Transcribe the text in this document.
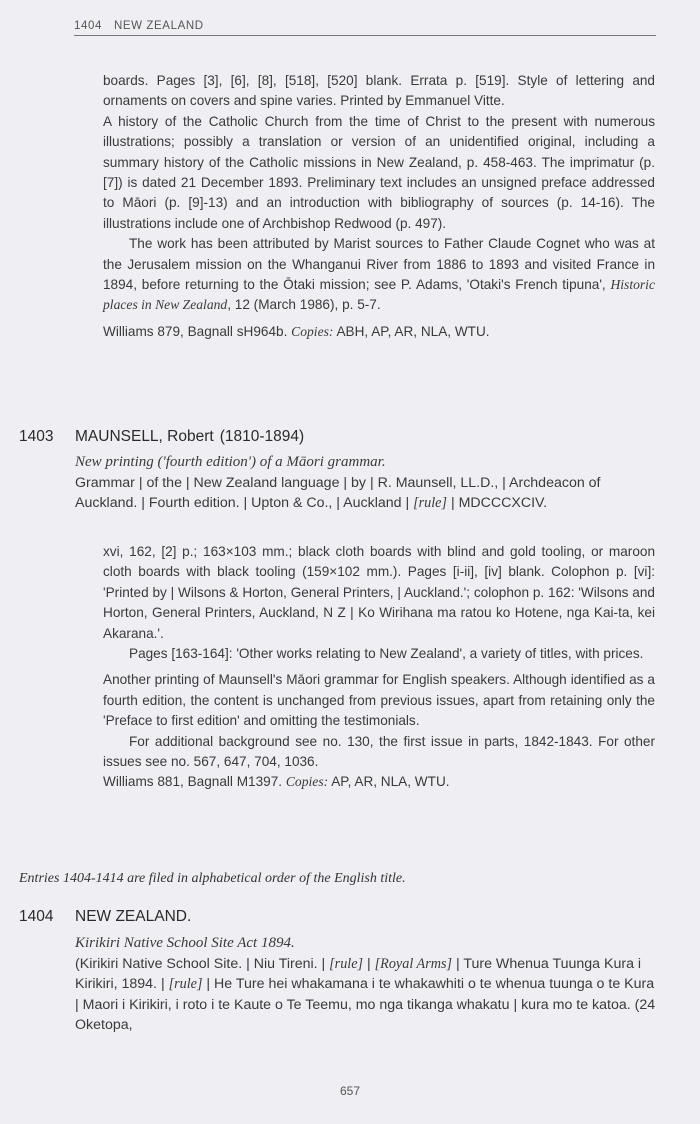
1404 NEW ZEALAND

boards. Pages [3], [6], [8], [518], [520] blank. Errata p. [519]. Style of lettering and ornaments on covers and spine varies. Printed by Emmanuel Vitte.

A history of the Catholic Church from the time of Christ to the present with numerous illustrations; possibly a translation or version of an unidentified original, including a summary history of the Catholic missions in New Zealand, p. 458-463. The imprimatur (p. [7]) is dated 21 December 1893. Preliminary text includes an unsigned preface addressed to Māori (p. [9]-13) and an introduction with bibliography of sources (p. 14-16). The illustrations include one of Archbishop Redwood (p. 497).

The work has been attributed by Marist sources to Father Claude Cognet who was at the Jerusalem mission on the Whanganui River from 1886 to 1893 and visited France in 1894, before returning to the Ōtaki mission; see P. Adams, 'Otaki's French tipuna', Historic places in New Zealand, 12 (March 1986), p. 5-7.

Williams 879, Bagnall sH964b. Copies: ABH, AP, AR, NLA, WTU.

1403 MAUNSELL, Robert (1810-1894)

New printing ('fourth edition') of a Māori grammar.

Grammar | of the | New Zealand language | by | R. Maunsell, LL.D., | Archdeacon of Auckland. | Fourth edition. | Upton & Co., | Auckland | [rule] | MDCCCXCIV.

xvi, 162, [2] p.; 163×103 mm.; black cloth boards with blind and gold tooling, or maroon cloth boards with black tooling (159×102 mm.). Pages [i-ii], [iv] blank. Colophon p. [vi]: 'Printed by | Wilsons & Horton, General Printers, | Auckland.'; colophon p. 162: 'Wilsons and Horton, General Printers, Auckland, N Z | Ko Wirihana ma ratou ko Hotene, nga Kai-ta, kei Akarana.'.

Pages [163-164]: 'Other works relating to New Zealand', a variety of titles, with prices.

Another printing of Maunsell's Māori grammar for English speakers. Although identified as a fourth edition, the content is unchanged from previous issues, apart from retaining only the 'Preface to first edition' and omitting the testimonials.

For additional background see no. 130, the first issue in parts, 1842-1843. For other issues see no. 567, 647, 704, 1036.

Williams 881, Bagnall M1397. Copies: AP, AR, NLA, WTU.

Entries 1404-1414 are filed in alphabetical order of the English title.
1404 NEW ZEALAND.

Kirikiri Native School Site Act 1894.

(Kirikiri Native School Site. | Niu Tireni. | [rule] | [Royal Arms] | Ture Whenua Tuunga Kura i Kirikiri, 1894. | [rule] | He Ture hei whakamana i te whakawhiti o te whenua tuunga o te Kura | Maori i Kirikiri, i roto i te Kaute o Te Teemu, mo nga tikanga whakatu | kura mo te katoa. (24 Oketopa,

657
